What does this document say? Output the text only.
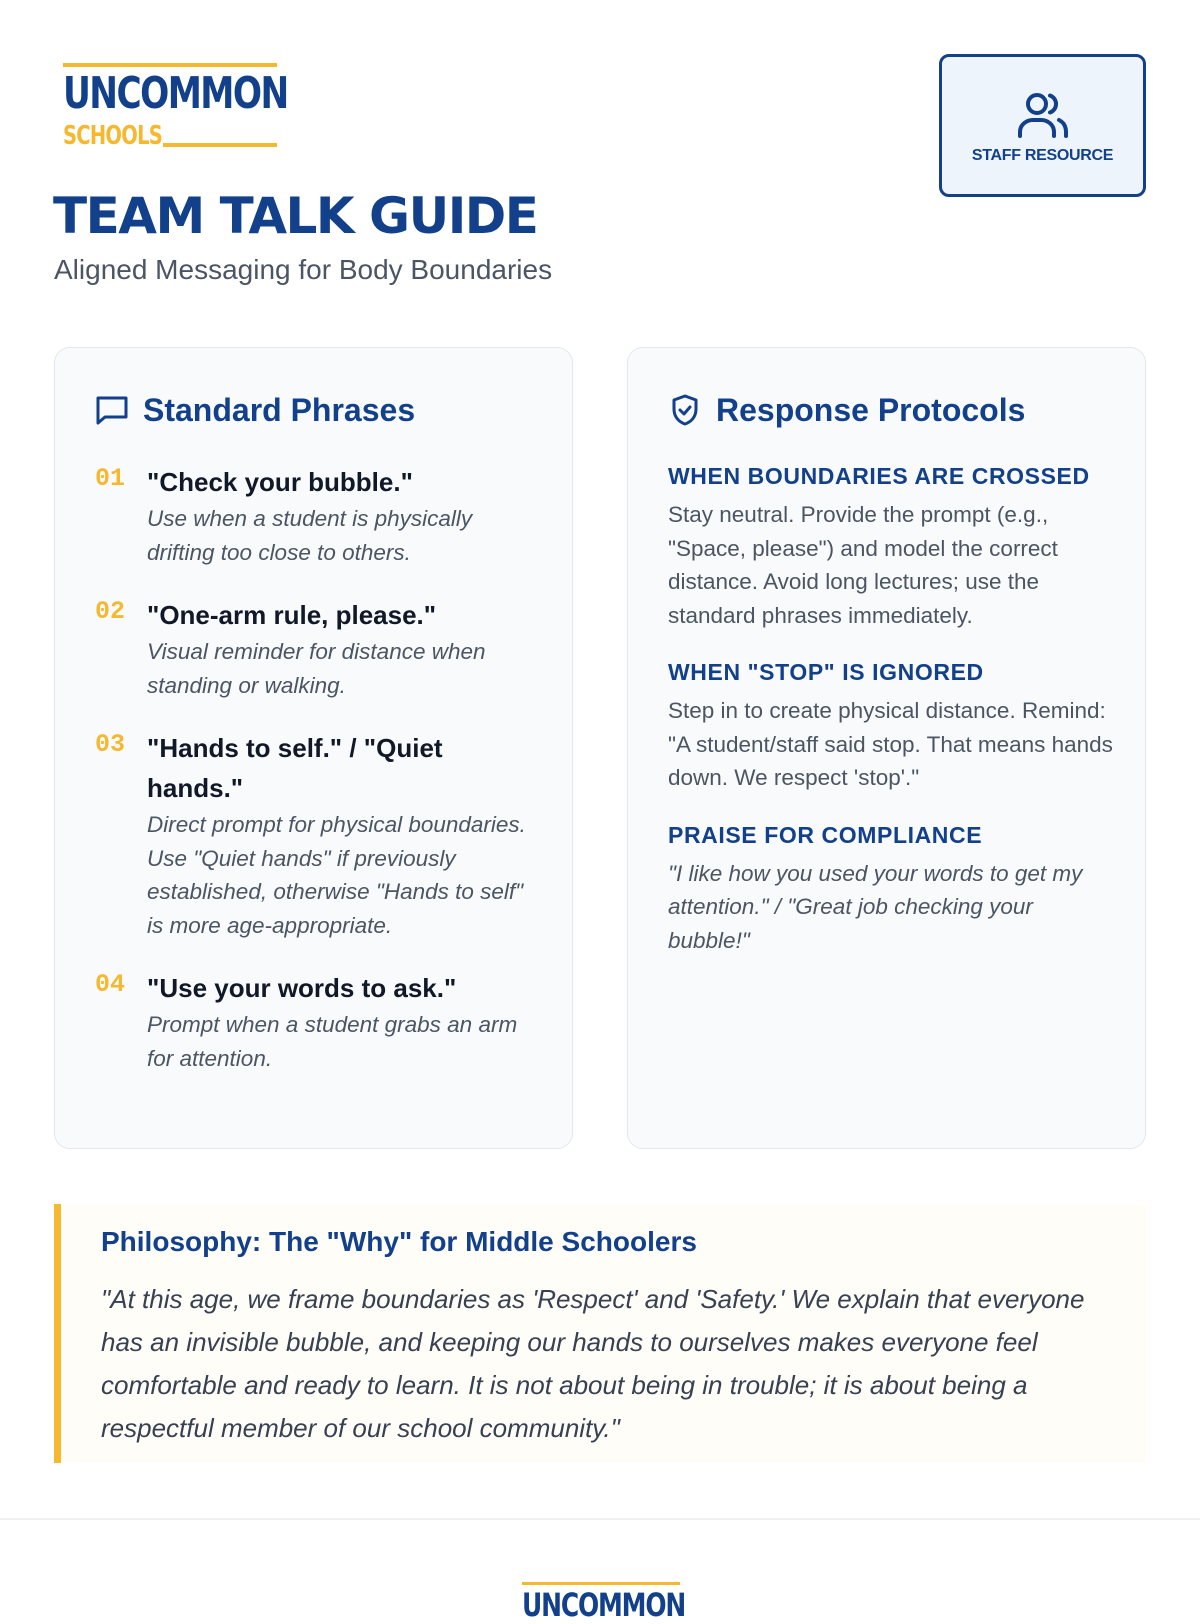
UNCOMMON
SCHOOLS
STAFF RESOURCE
TEAM TALK GUIDE
Aligned Messaging for Body Boundaries
Standard Phrases
01 "Check your bubble."
Use when a student is physically drifting too close to others.
02 "One-arm rule, please."
Visual reminder for distance when standing or walking.
03 "Hands to self." / "Quiet hands."
Direct prompt for physical boundaries. Use "Quiet hands" if previously established, otherwise "Hands to self" is more age-appropriate.
04 "Use your words to ask."
Prompt when a student grabs an arm for attention.
Response Protocols
WHEN BOUNDARIES ARE CROSSED
Stay neutral. Provide the prompt (e.g., "Space, please") and model the correct distance. Avoid long lectures; use the standard phrases immediately.
WHEN "STOP" IS IGNORED
Step in to create physical distance. Remind: "A student/staff said stop. That means hands down. We respect 'stop'."
PRAISE FOR COMPLIANCE
"I like how you used your words to get my attention." / "Great job checking your bubble!"
Philosophy: The "Why" for Middle Schoolers
"At this age, we frame boundaries as 'Respect' and 'Safety.' We explain that everyone has an invisible bubble, and keeping our hands to ourselves makes everyone feel comfortable and ready to learn. It is not about being in trouble; it is about being a respectful member of our school community."
UNCOMMON
